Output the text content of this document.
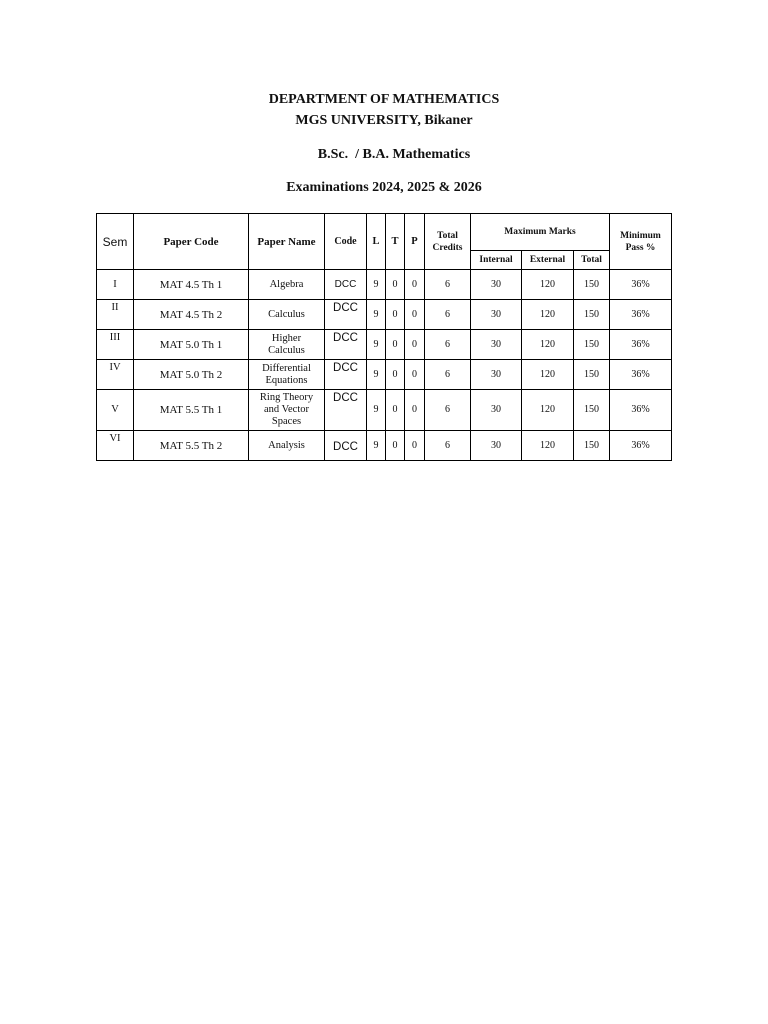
DEPARTMENT OF MATHEMATICS
MGS UNIVERSITY, Bikaner
B.Sc.  / B.A. Mathematics
Examinations 2024, 2025 & 2026
Sem	Paper Code	Paper Name	Code	L	T	P	Total Credits	Maximum Marks			Minimum Pass %
								Internal	External	Total	
I	MAT 4.5 Th 1	Algebra	DCC	9	0	0	6	30	120	150	36%
II	MAT 4.5 Th 2	Calculus	DCC	9	0	0	6	30	120	150	36%
III	MAT 5.0 Th 1	Higher Calculus	DCC	9	0	0	6	30	120	150	36%
IV	MAT 5.0 Th 2	Differential Equations	DCC	9	0	0	6	30	120	150	36%
V	MAT 5.5 Th 1	Ring Theory and Vector Spaces	DCC	9	0	0	6	30	120	150	36%
VI	MAT 5.5 Th 2	Analysis	DCC	9	0	0	6	30	120	150	36%
